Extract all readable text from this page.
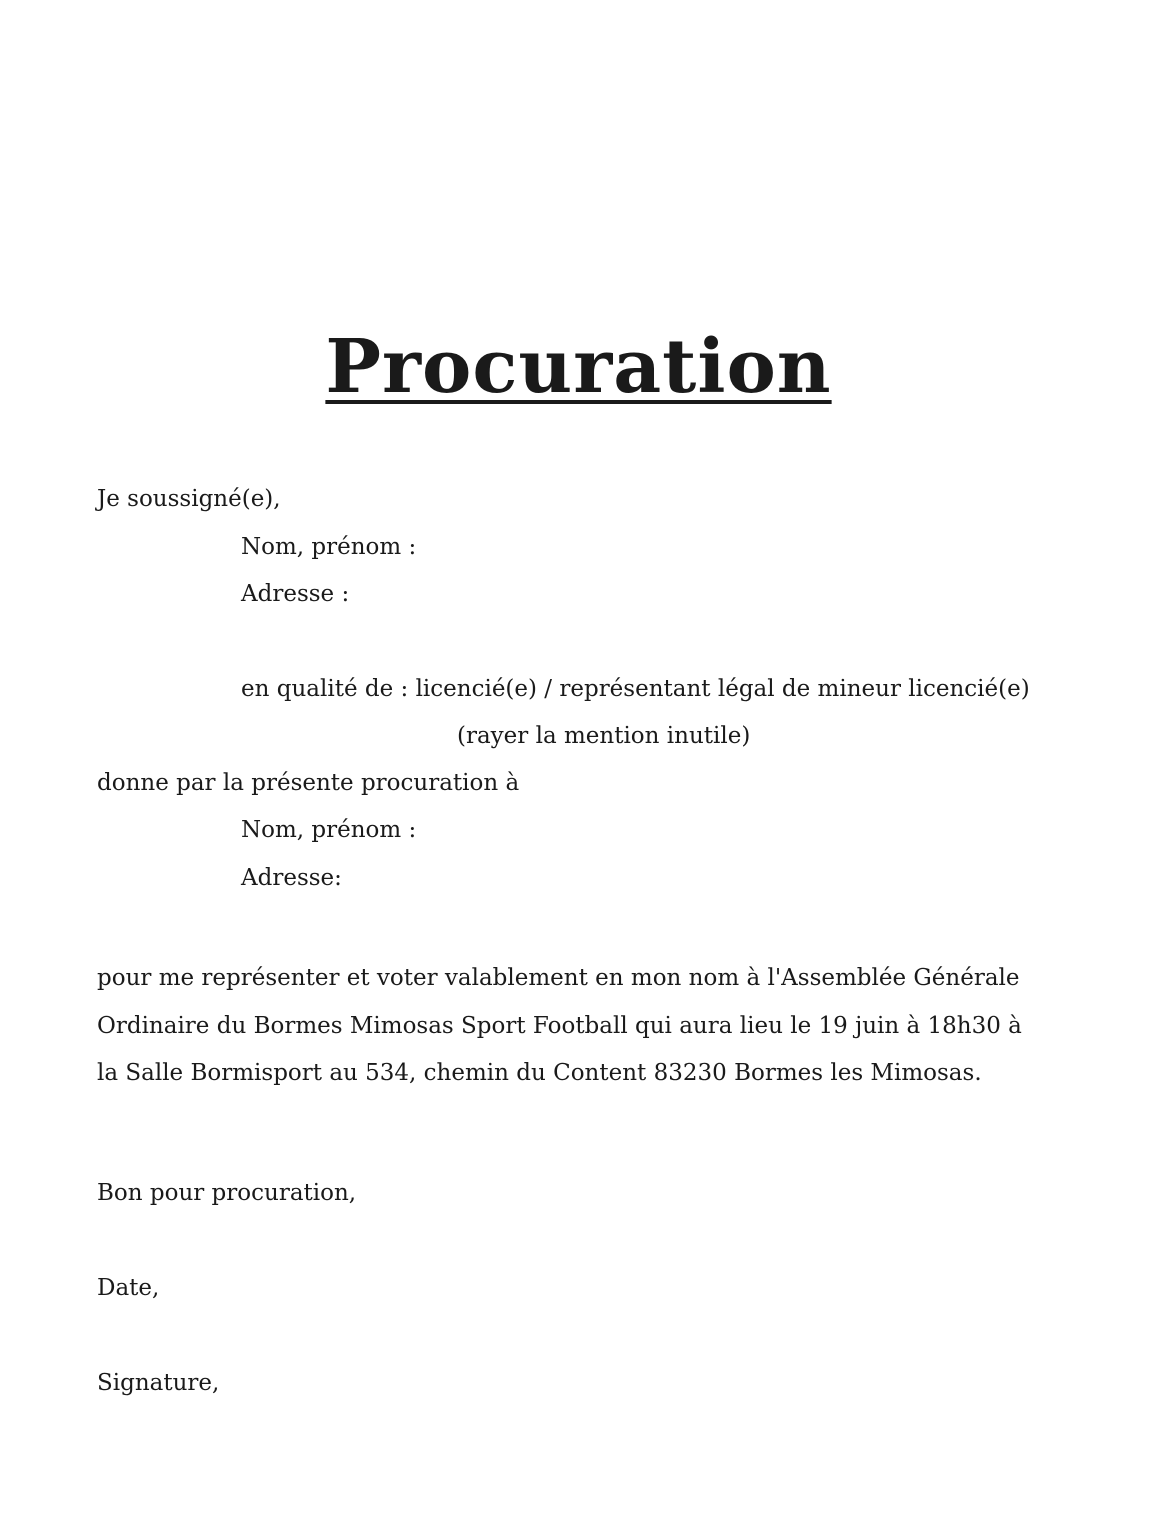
Procuration
Je soussigné(e),
Nom, prénom :
Adresse :
en qualité de : licencié(e) / représentant légal de mineur licencié(e)
(rayer la mention inutile)
donne par la présente procuration à
Nom, prénom :
Adresse:
pour me représenter et voter valablement en mon nom à l'Assemblée Générale
Ordinaire du Bormes Mimosas Sport Football qui aura lieu le 19 juin à 18h30 à
la Salle Bormisport au 534, chemin du Content 83230 Bormes les Mimosas.
Bon pour procuration,
Date,
Signature,
